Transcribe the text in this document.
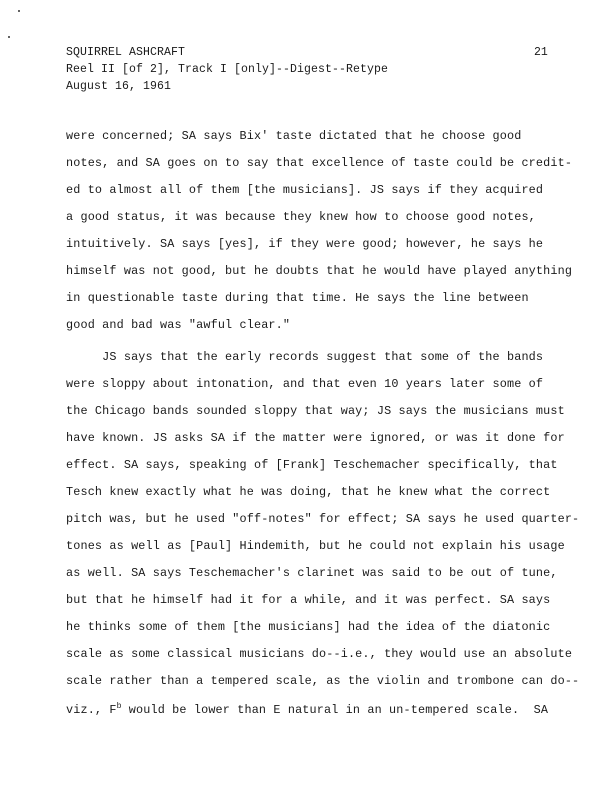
SQUIRREL ASHCRAFT
Reel II [of 2], Track I [only]--Digest--Retype
August 16, 1961
21
were concerned; SA says Bix' taste dictated that he choose good
notes, and SA goes on to say that excellence of taste could be credit-
ed to almost all of them [the musicians]. JS says if they acquired
a good status, it was because they knew how to choose good notes,
intuitively. SA says [yes], if they were good; however, he says he
himself was not good, but he doubts that he would have played anything
in questionable taste during that time. He says the line between
good and bad was "awful clear."
JS says that the early records suggest that some of the bands
were sloppy about intonation, and that even 10 years later some of
the Chicago bands sounded sloppy that way; JS says the musicians must
have known. JS asks SA if the matter were ignored, or was it done for
effect. SA says, speaking of [Frank] Teschemacher specifically, that
Tesch knew exactly what he was doing, that he knew what the correct
pitch was, but he used "off-notes" for effect; SA says he used quarter-
tones as well as [Paul] Hindemith, but he could not explain his usage
as well. SA says Teschemacher's clarinet was said to be out of tune,
but that he himself had it for a while, and it was perfect. SA says
he thinks some of them [the musicians] had the idea of the diatonic
scale as some classical musicians do--i.e., they would use an absolute
scale rather than a tempered scale, as the violin and trombone can do--
viz., $F^b$ would be lower than E natural in an un-tempered scale.  SA
